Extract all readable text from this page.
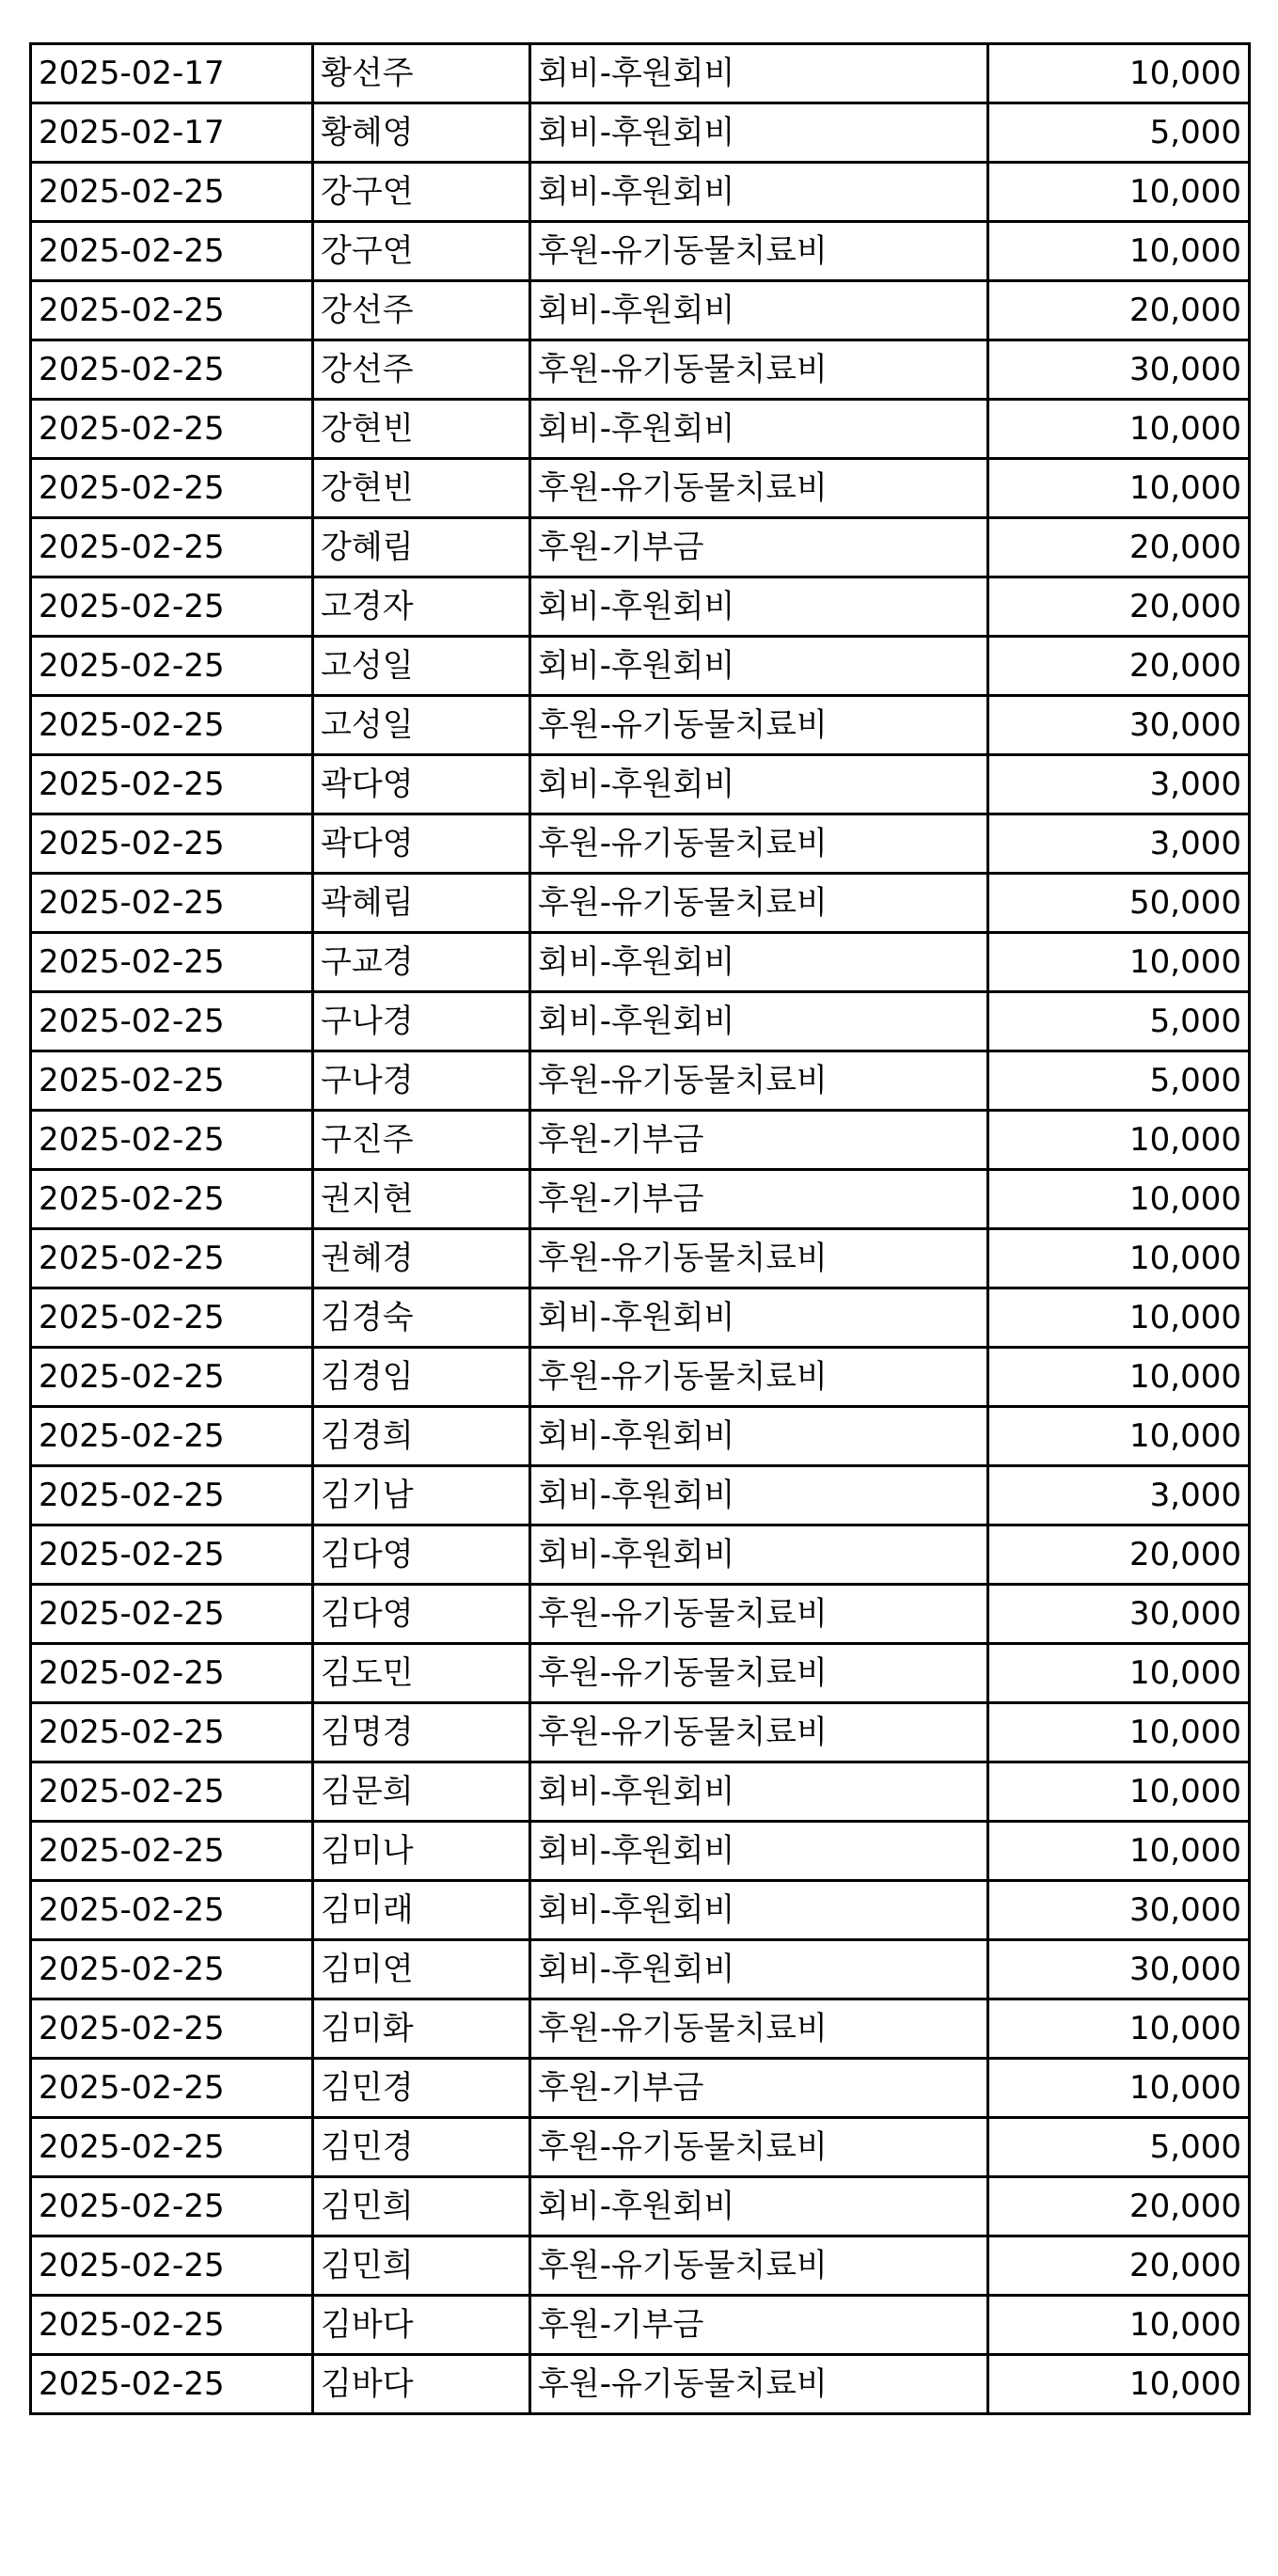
2025-02-17	황선주	회비-후원회비	10,000
2025-02-17	황혜영	회비-후원회비	5,000
2025-02-25	강구연	회비-후원회비	10,000
2025-02-25	강구연	후원-유기동물치료비	10,000
2025-02-25	강선주	회비-후원회비	20,000
2025-02-25	강선주	후원-유기동물치료비	30,000
2025-02-25	강현빈	회비-후원회비	10,000
2025-02-25	강현빈	후원-유기동물치료비	10,000
2025-02-25	강혜림	후원-기부금	20,000
2025-02-25	고경자	회비-후원회비	20,000
2025-02-25	고성일	회비-후원회비	20,000
2025-02-25	고성일	후원-유기동물치료비	30,000
2025-02-25	곽다영	회비-후원회비	3,000
2025-02-25	곽다영	후원-유기동물치료비	3,000
2025-02-25	곽혜림	후원-유기동물치료비	50,000
2025-02-25	구교경	회비-후원회비	10,000
2025-02-25	구나경	회비-후원회비	5,000
2025-02-25	구나경	후원-유기동물치료비	5,000
2025-02-25	구진주	후원-기부금	10,000
2025-02-25	권지현	후원-기부금	10,000
2025-02-25	권혜경	후원-유기동물치료비	10,000
2025-02-25	김경숙	회비-후원회비	10,000
2025-02-25	김경임	후원-유기동물치료비	10,000
2025-02-25	김경희	회비-후원회비	10,000
2025-02-25	김기남	회비-후원회비	3,000
2025-02-25	김다영	회비-후원회비	20,000
2025-02-25	김다영	후원-유기동물치료비	30,000
2025-02-25	김도민	후원-유기동물치료비	10,000
2025-02-25	김명경	후원-유기동물치료비	10,000
2025-02-25	김문희	회비-후원회비	10,000
2025-02-25	김미나	회비-후원회비	10,000
2025-02-25	김미래	회비-후원회비	30,000
2025-02-25	김미연	회비-후원회비	30,000
2025-02-25	김미화	후원-유기동물치료비	10,000
2025-02-25	김민경	후원-기부금	10,000
2025-02-25	김민경	후원-유기동물치료비	5,000
2025-02-25	김민희	회비-후원회비	20,000
2025-02-25	김민희	후원-유기동물치료비	20,000
2025-02-25	김바다	후원-기부금	10,000
2025-02-25	김바다	후원-유기동물치료비	10,000
